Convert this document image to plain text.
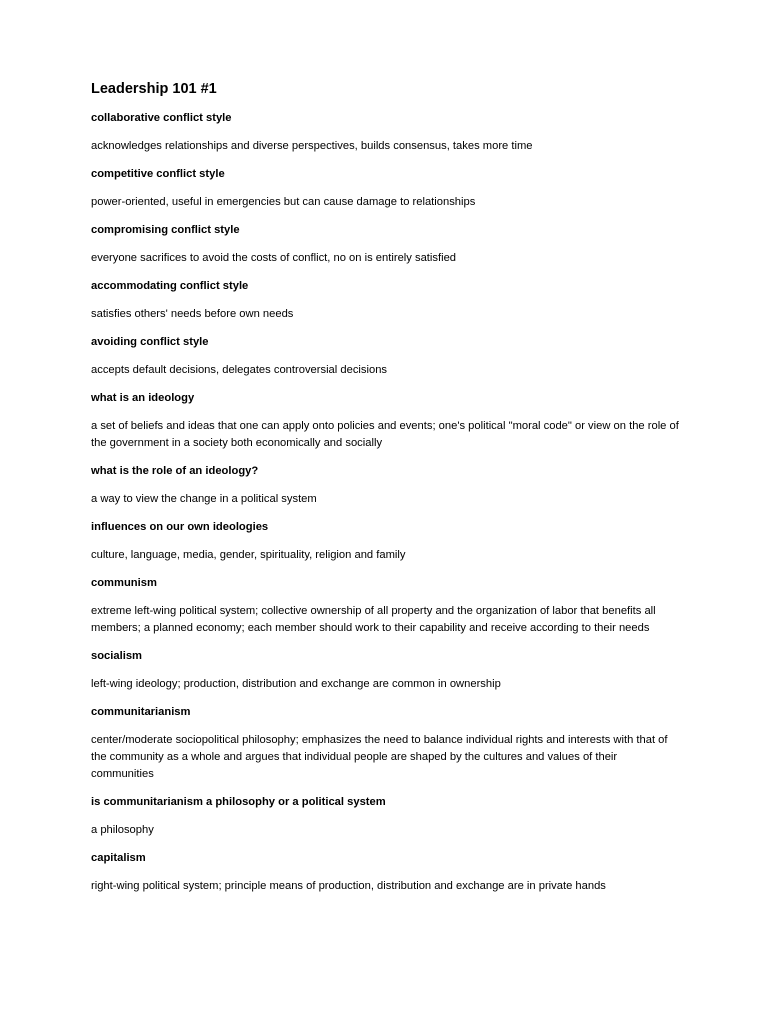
Leadership 101 #1

collaborative conflict style

acknowledges relationships and diverse perspectives, builds consensus, takes more time

competitive conflict style

power-oriented, useful in emergencies but can cause damage to relationships

compromising conflict style

everyone sacrifices to avoid the costs of conflict, no on is entirely satisfied

accommodating conflict style

satisfies others' needs before own needs

avoiding conflict style

accepts default decisions, delegates controversial decisions

what is an ideology

a set of beliefs and ideas that one can apply onto policies and events; one's political "moral code" or view on the role of the government in a society both economically and socially

what is the role of an ideology?

a way to view the change in a political system

influences on our own ideologies

culture, language, media, gender, spirituality, religion and family

communism

extreme left-wing political system; collective ownership of all property and the organization of labor that benefits all members; a planned economy; each member should work to their capability and receive according to their needs

socialism

left-wing ideology; production, distribution and exchange are common in ownership

communitarianism

center/moderate sociopolitical philosophy; emphasizes the need to balance individual rights and interests with that of the community as a whole and argues that individual people are shaped by the cultures and values of their communities

is communitarianism a philosophy or a political system

a philosophy

capitalism

right-wing political system; principle means of production, distribution and exchange are in private hands
